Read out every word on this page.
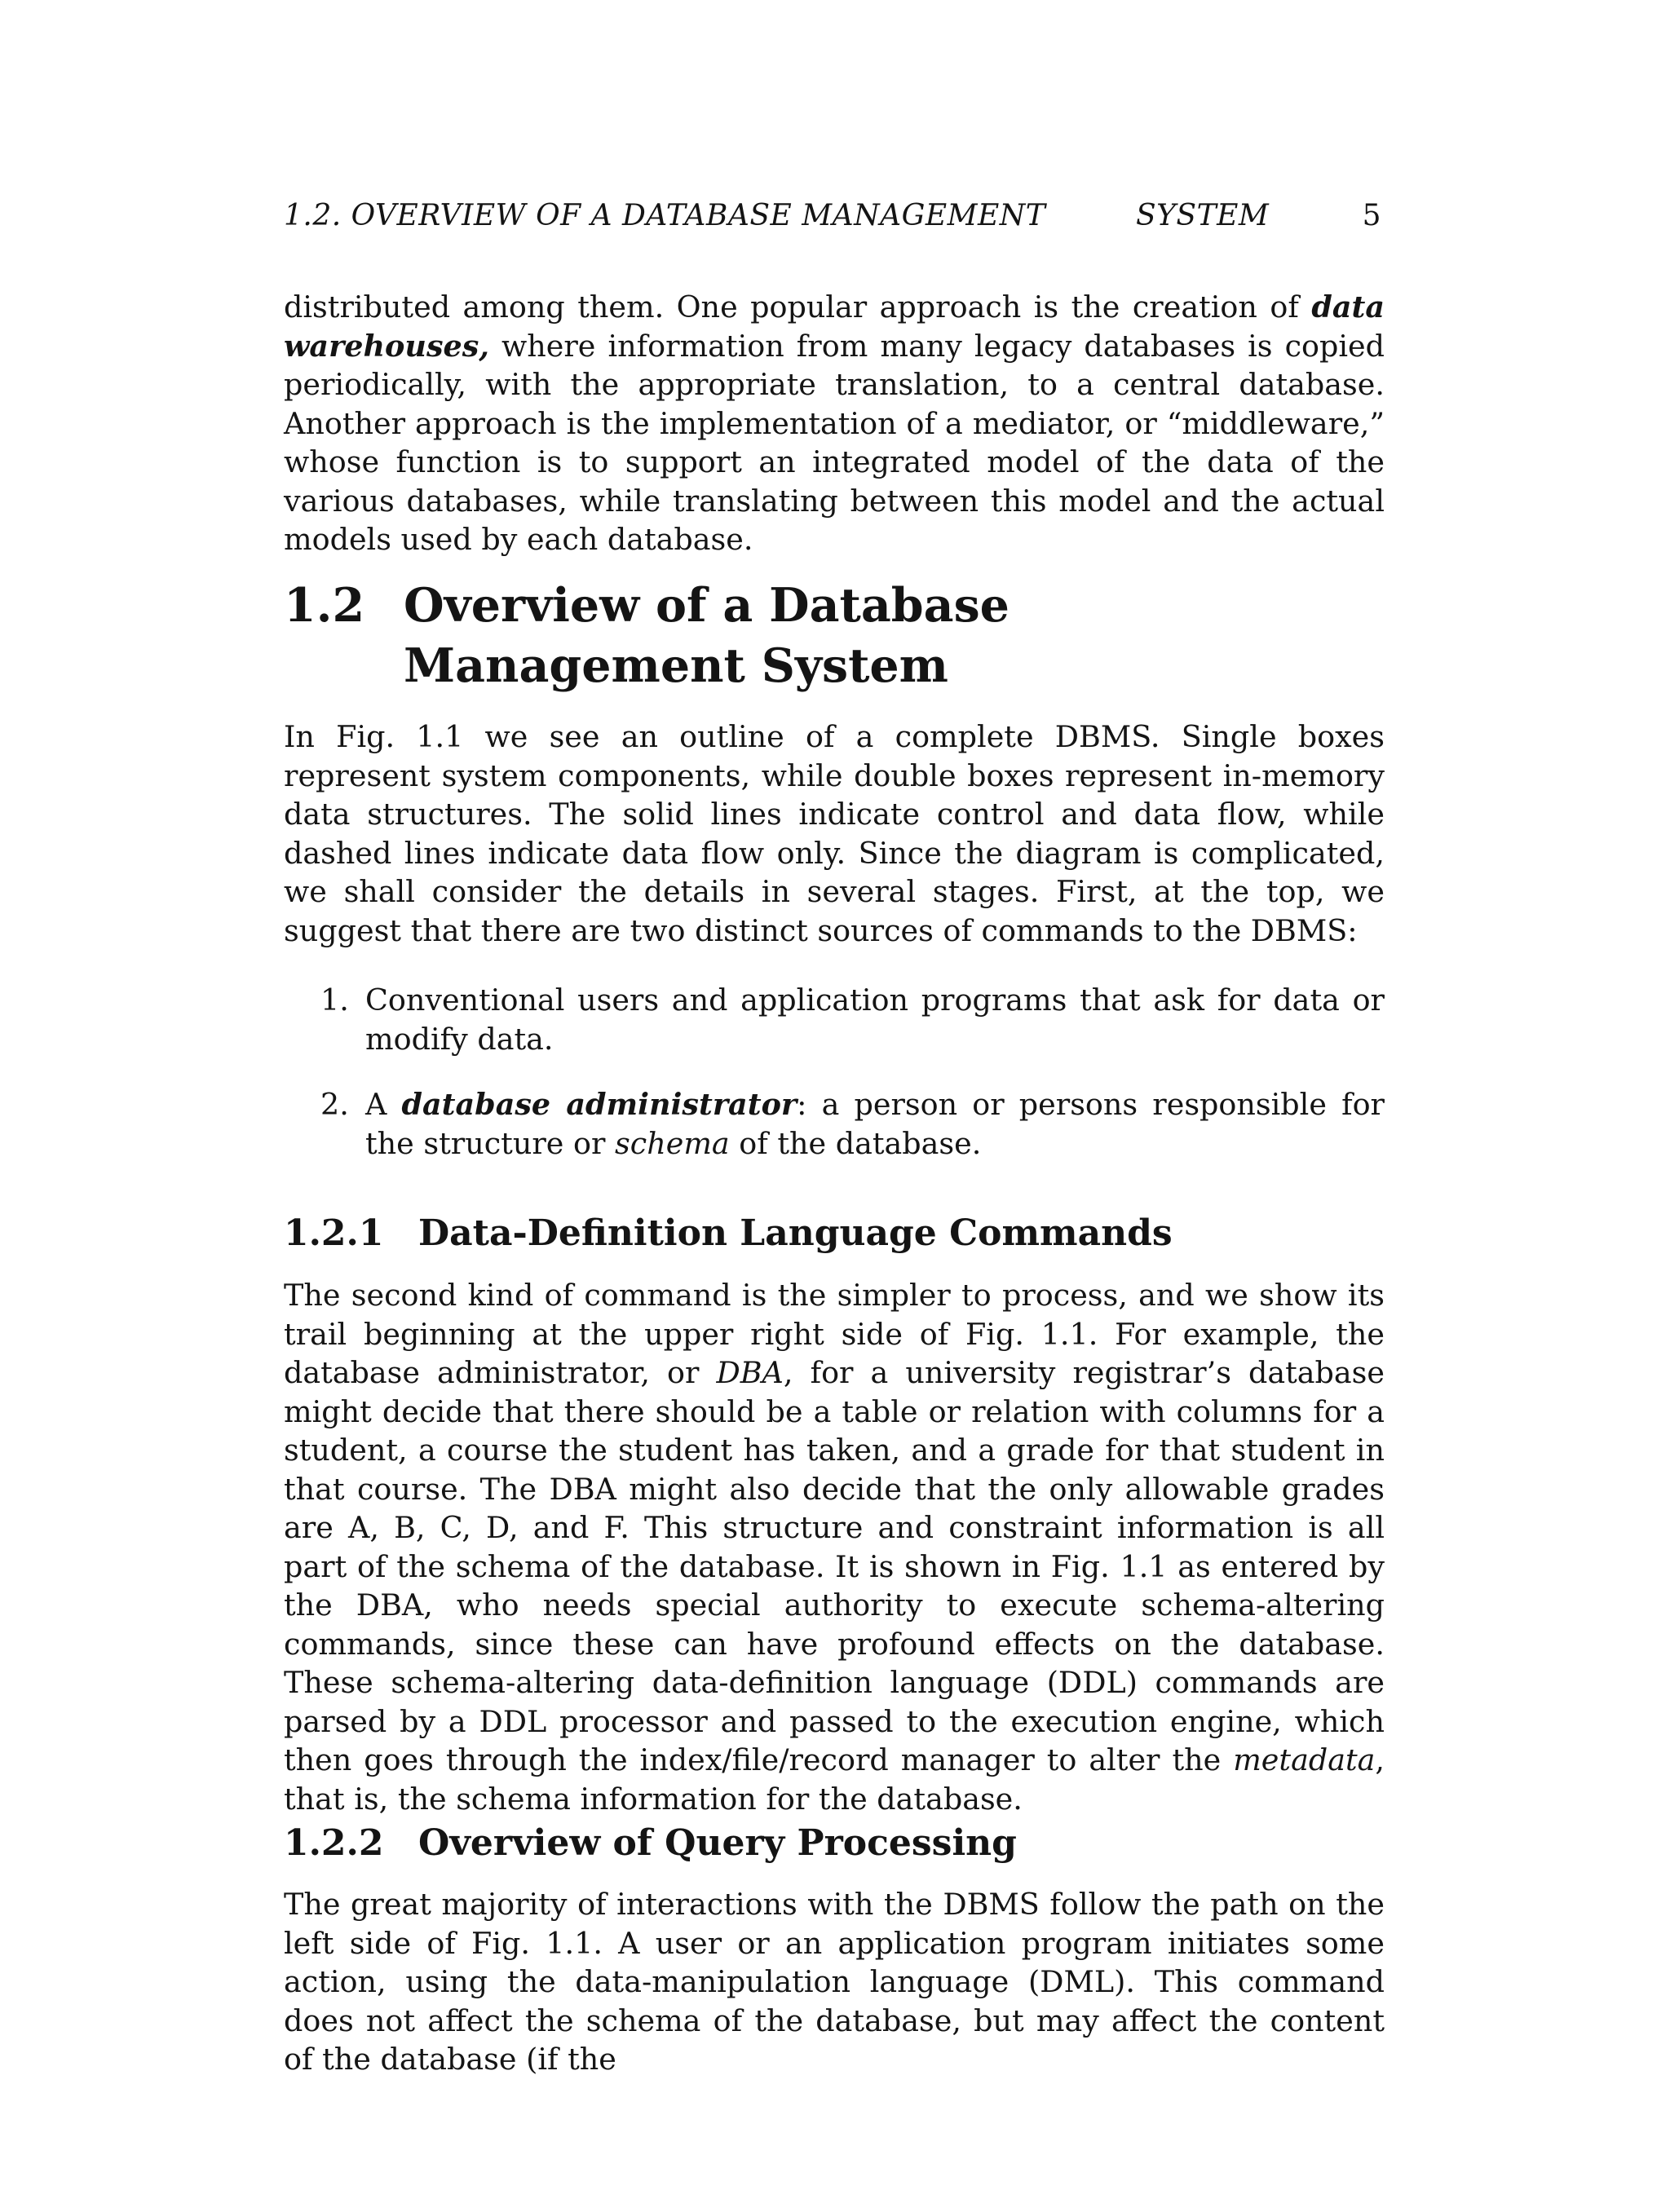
1.2. OVERVIEW OF A DATABASE MANAGEMENT	SYSTEM	5

distributed among them. One popular approach is the creation of data warehouses, where information from many legacy databases is copied periodically, with the appropriate translation, to a central database. Another approach is the implementation of a mediator, or “middleware,” whose function is to support an integrated model of the data of the various databases, while translating between this model and the actual models used by each database.

1.2 Overview of a Database Management System

In Fig. 1.1 we see an outline of a complete DBMS. Single boxes represent system components, while double boxes represent in-memory data structures. The solid lines indicate control and data flow, while dashed lines indicate data flow only. Since the diagram is complicated, we shall consider the details in several stages. First, at the top, we suggest that there are two distinct sources of commands to the DBMS:

1. Conventional users and application programs that ask for data or modify data.
2. A database administrator: a person or persons responsible for the structure or schema of the database.
1.2.1 Data-Definition Language Commands

The second kind of command is the simpler to process, and we show its trail beginning at the upper right side of Fig. 1.1. For example, the database administrator, or DBA, for a university registrar’s database might decide that there should be a table or relation with columns for a student, a course the student has taken, and a grade for that student in that course. The DBA might also decide that the only allowable grades are A, B, C, D, and F. This structure and constraint information is all part of the schema of the database. It is shown in Fig. 1.1 as entered by the DBA, who needs special authority to execute schema-altering commands, since these can have profound effects on the database. These schema-altering data-definition language (DDL) commands are parsed by a DDL processor and passed to the execution engine, which then goes through the index/file/record manager to alter the metadata, that is, the schema information for the database.

1.2.2 Overview of Query Processing

The great majority of interactions with the DBMS follow the path on the left side of Fig. 1.1. A user or an application program initiates some action, using the data-manipulation language (DML). This command does not affect the schema of the database, but may affect the content of the database (if the
